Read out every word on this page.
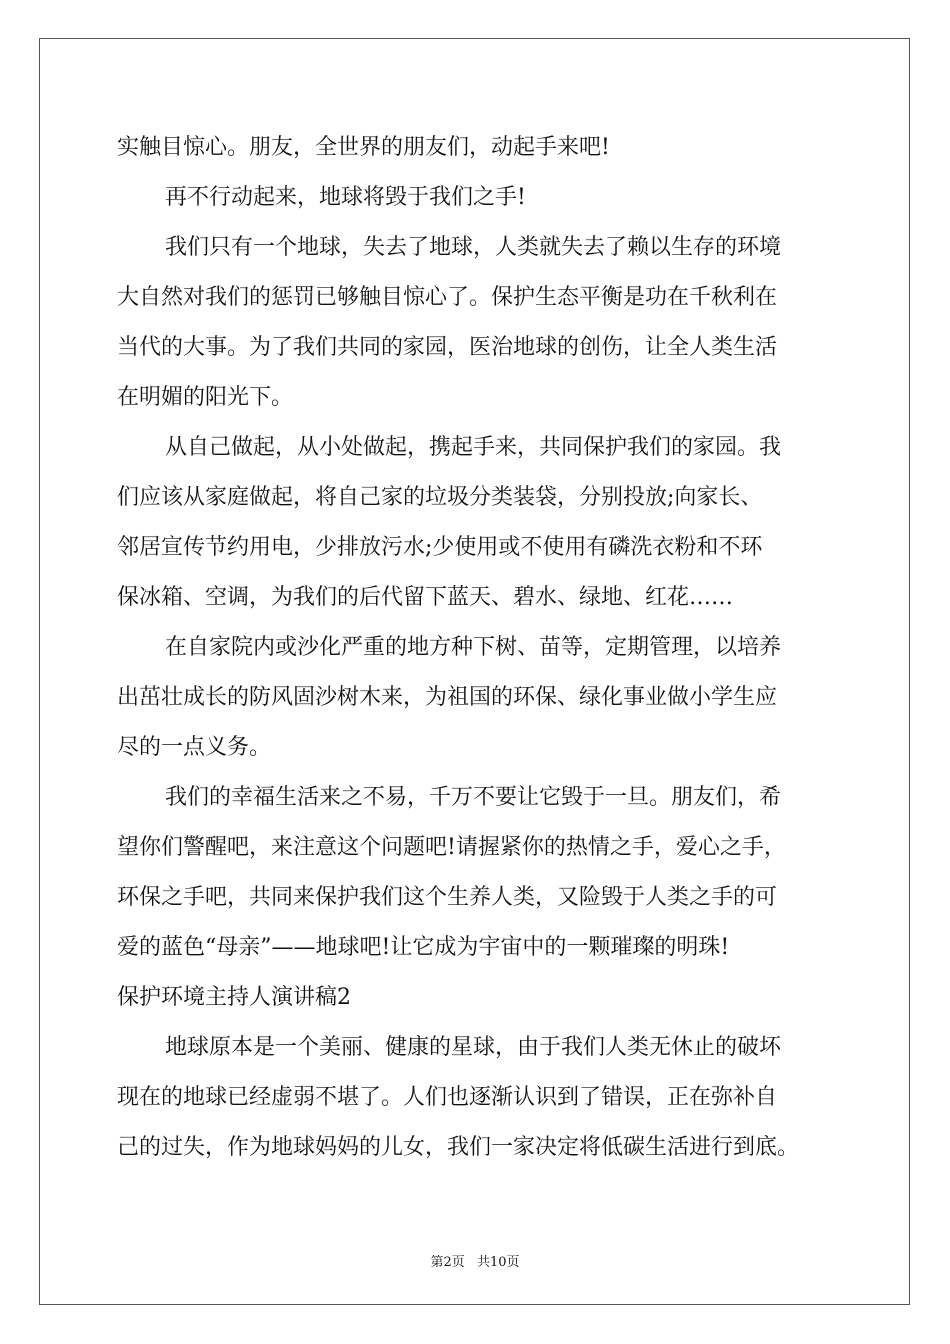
实触目惊心。朋友，全世界的朋友们，动起手来吧!
再不行动起来，地球将毁于我们之手!
我们只有一个地球，失去了地球，人类就失去了赖以生存的环境
大自然对我们的惩罚已够触目惊心了。保护生态平衡是功在千秋利在
当代的大事。为了我们共同的家园，医治地球的创伤，让全人类生活
在明媚的阳光下。
从自己做起，从小处做起，携起手来，共同保护我们的家园。我
们应该从家庭做起，将自己家的垃圾分类装袋，分别投放;向家长、
邻居宣传节约用电，少排放污水;少使用或不使用有磷洗衣粉和不环
保冰箱、空调，为我们的后代留下蓝天、碧水、绿地、红花……
在自家院内或沙化严重的地方种下树、苗等，定期管理，以培养
出茁壮成长的防风固沙树木来，为祖国的环保、绿化事业做小学生应
尽的一点义务。
我们的幸福生活来之不易，千万不要让它毁于一旦。朋友们，希
望你们警醒吧，来注意这个问题吧!请握紧你的热情之手，爱心之手，
环保之手吧，共同来保护我们这个生养人类，又险毁于人类之手的可
爱的蓝色“母亲”——地球吧!让它成为宇宙中的一颗璀璨的明珠!
保护环境主持人演讲稿2
地球原本是一个美丽、健康的星球，由于我们人类无休止的破坏
现在的地球已经虚弱不堪了。人们也逐渐认识到了错误，正在弥补自
己的过失，作为地球妈妈的儿女，我们一家决定将低碳生活进行到底。
第2页 共10页
